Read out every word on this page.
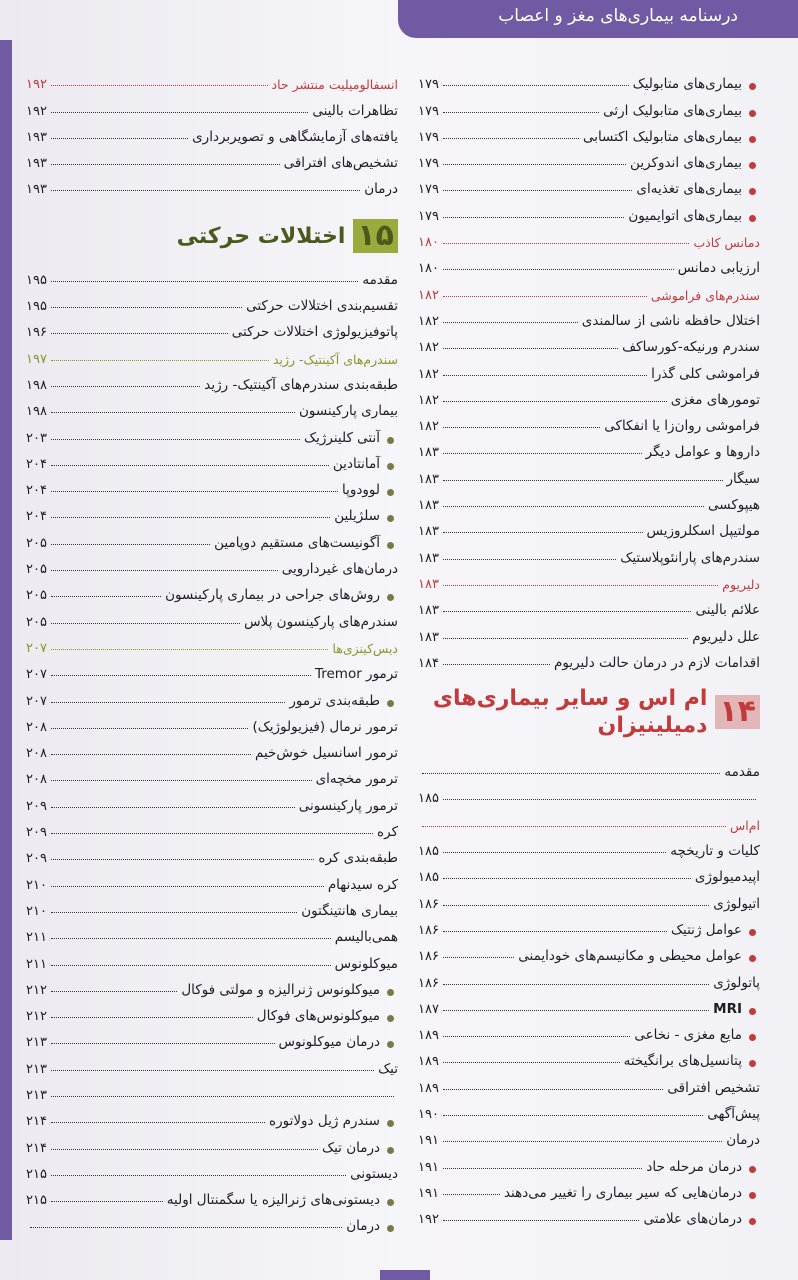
درسنامه بیماری‌های مغز و اعصاب
بیماری‌های متابولیک
۱۷۹
بیماری‌های متابولیک ارثی
۱۷۹
بیماری‌های متابولیک اکتسابی
۱۷۹
بیماری‌های اندوکرین
۱۷۹
بیماری‌های تغذیه‌ای
۱۷۹
بیماری‌های اتوایمیون
۱۷۹
دمانس کاذب
۱۸۰
ارزیابی دمانس
۱۸۰
سندرم‌های فراموشی
۱۸۲
اختلال حافظه ناشی از سالمندی
۱۸۲
سندرم ورنیکه-کورساکف
۱۸۲
فراموشی کلی گذرا
۱۸۲
تومورهای مغزی
۱۸۲
فراموشی روان‌زا یا انفکاکی
۱۸۲
داروها و عوامل دیگر
۱۸۳
سیگار
۱۸۳
هیپوکسی
۱۸۳
مولتیپل اسکلروزیس
۱۸۳
سندرم‌های پارانئوپلاستیک
۱۸۳
دلیریوم
۱۸۳
علائم بالینی
۱۸۳
علل دلیریوم
۱۸۳
اقدامات لازم در درمان حالت دلیریوم
۱۸۴
۱۴
ام اس و سایر بیماری‌های دمیلینیزان
مقدمه
۱۸۵
ام‌اس
کلیات و تاریخچه
۱۸۵
اپیدمیولوژی
۱۸۵
اتیولوژی
۱۸۶
عوامل ژنتیک
۱۸۶
عوامل محیطی و مکانیسم‌های خودایمنی
۱۸۶
پاتولوژی
۱۸۶
MRI
۱۸۷
مایع مغزی - نخاعی
۱۸۹
پتانسیل‌های برانگیخته
۱۸۹
تشخیص افتراقی
۱۸۹
پیش‌آگهی
۱۹۰
درمان
۱۹۱
درمان مرحله حاد
۱۹۱
درمان‌هایی که سیر بیماری را تغییر می‌دهند
۱۹۱
درمان‌های علامتی
۱۹۲
انسفالومیلیت منتشر حاد
۱۹۲
تظاهرات بالینی
۱۹۲
یافته‌های آزمایشگاهی و تصویربرداری
۱۹۳
تشخیص‌های افتراقی
۱۹۳
درمان
۱۹۳
۱۵
اختلالات حرکتی
مقدمه
۱۹۵
تقسیم‌بندی اختلالات حرکتی
۱۹۵
پاتوفیزیولوژی اختلالات حرکتی
۱۹۶
سندرم‌های آکینتیک- رژید
۱۹۷
طبقه‌بندی سندرم‌های آکینتیک- رژید
۱۹۸
بیماری پارکینسون
۱۹۸
آنتی کلینرژیک
۲۰۳
آمانتادین
۲۰۴
لوودوپا
۲۰۴
سلژیلین
۲۰۴
آگونیست‌های مستقیم دوپامین
۲۰۵
درمان‌های غیردارویی
۲۰۵
روش‌های جراحی در بیماری پارکینسون
۲۰۵
سندرم‌های پارکینسون پلاس
۲۰۵
دیس‌کینزی‌ها
۲۰۷
ترمور Tremor
۲۰۷
طبقه‌بندی ترمور
۲۰۷
ترمور نرمال (فیزیولوژیک)
۲۰۸
ترمور اسانسیل خوش‌خیم
۲۰۸
ترمور مخچه‌ای
۲۰۸
ترمور پارکینسونی
۲۰۹
کره
۲۰۹
طبقه‌بندی کره
۲۰۹
کره سیدنهام
۲۱۰
بیماری هانتینگتون
۲۱۰
همی‌بالیسم
۲۱۱
میوکلونوس
۲۱۱
میوکلونوس ژنرالیزه و مولتی فوکال
۲۱۲
میوکلونوس‌های فوکال
۲۱۲
درمان میوکلونوس
۲۱۳
تیک
۲۱۳
۲۱۳
سندرم ژیل دولاتوره
۲۱۴
درمان تیک
۲۱۴
دیستونی
۲۱۵
دیستونی‌های ژنرالیزه یا سگمنتال اولیه
۲۱۵
درمان
